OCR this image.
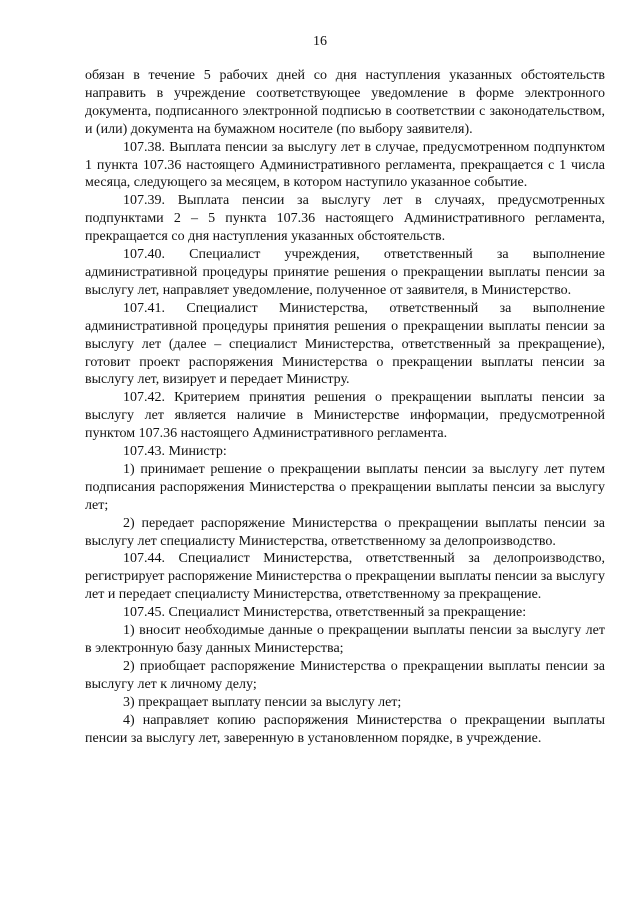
16

обязан в течение 5 рабочих дней со дня наступления указанных обстоятельств направить в учреждение соответствующее уведомление в форме электронного документа, подписанного электронной подписью в соответствии с законодательством, и (или) документа на бумажном носителе (по выбору заявителя).

107.38. Выплата пенсии за выслугу лет в случае, предусмотренном подпунктом 1 пункта 107.36 настоящего Административного регламента, прекращается с 1 числа месяца, следующего за месяцем, в котором наступило указанное событие.

107.39. Выплата пенсии за выслугу лет в случаях, предусмотренных подпунктами 2 – 5 пункта 107.36 настоящего Административного регламента, прекращается со дня наступления указанных обстоятельств.

107.40. Специалист учреждения, ответственный за выполнение административной процедуры принятие решения о прекращении выплаты пенсии за выслугу лет, направляет уведомление, полученное от заявителя, в Министерство.

107.41. Специалист Министерства, ответственный за выполнение административной процедуры принятия решения о прекращении выплаты пенсии за выслугу лет (далее – специалист Министерства, ответственный за прекращение), готовит проект распоряжения Министерства о прекращении выплаты пенсии за выслугу лет, визирует и передает Министру.

107.42. Критерием принятия решения о прекращении выплаты пенсии за выслугу лет является наличие в Министерстве информации, предусмотренной пунктом 107.36 настоящего Административного регламента.

107.43. Министр:

1) принимает решение о прекращении выплаты пенсии за выслугу лет путем подписания распоряжения Министерства о прекращении выплаты пенсии за выслугу лет;

2) передает распоряжение Министерства о прекращении выплаты пенсии за выслугу лет специалисту Министерства, ответственному за делопроизводство.

107.44. Специалист Министерства, ответственный за делопроизводство, регистрирует распоряжение Министерства о прекращении выплаты пенсии за выслугу лет и передает специалисту Министерства, ответственному за прекращение.

107.45. Специалист Министерства, ответственный за прекращение:

1) вносит необходимые данные о прекращении выплаты пенсии за выслугу лет в электронную базу данных Министерства;

2) приобщает распоряжение Министерства о прекращении выплаты пенсии за выслугу лет к личному делу;

3) прекращает выплату пенсии за выслугу лет;

4) направляет копию распоряжения Министерства о прекращении выплаты пенсии за выслугу лет, заверенную в установленном порядке, в учреждение.
